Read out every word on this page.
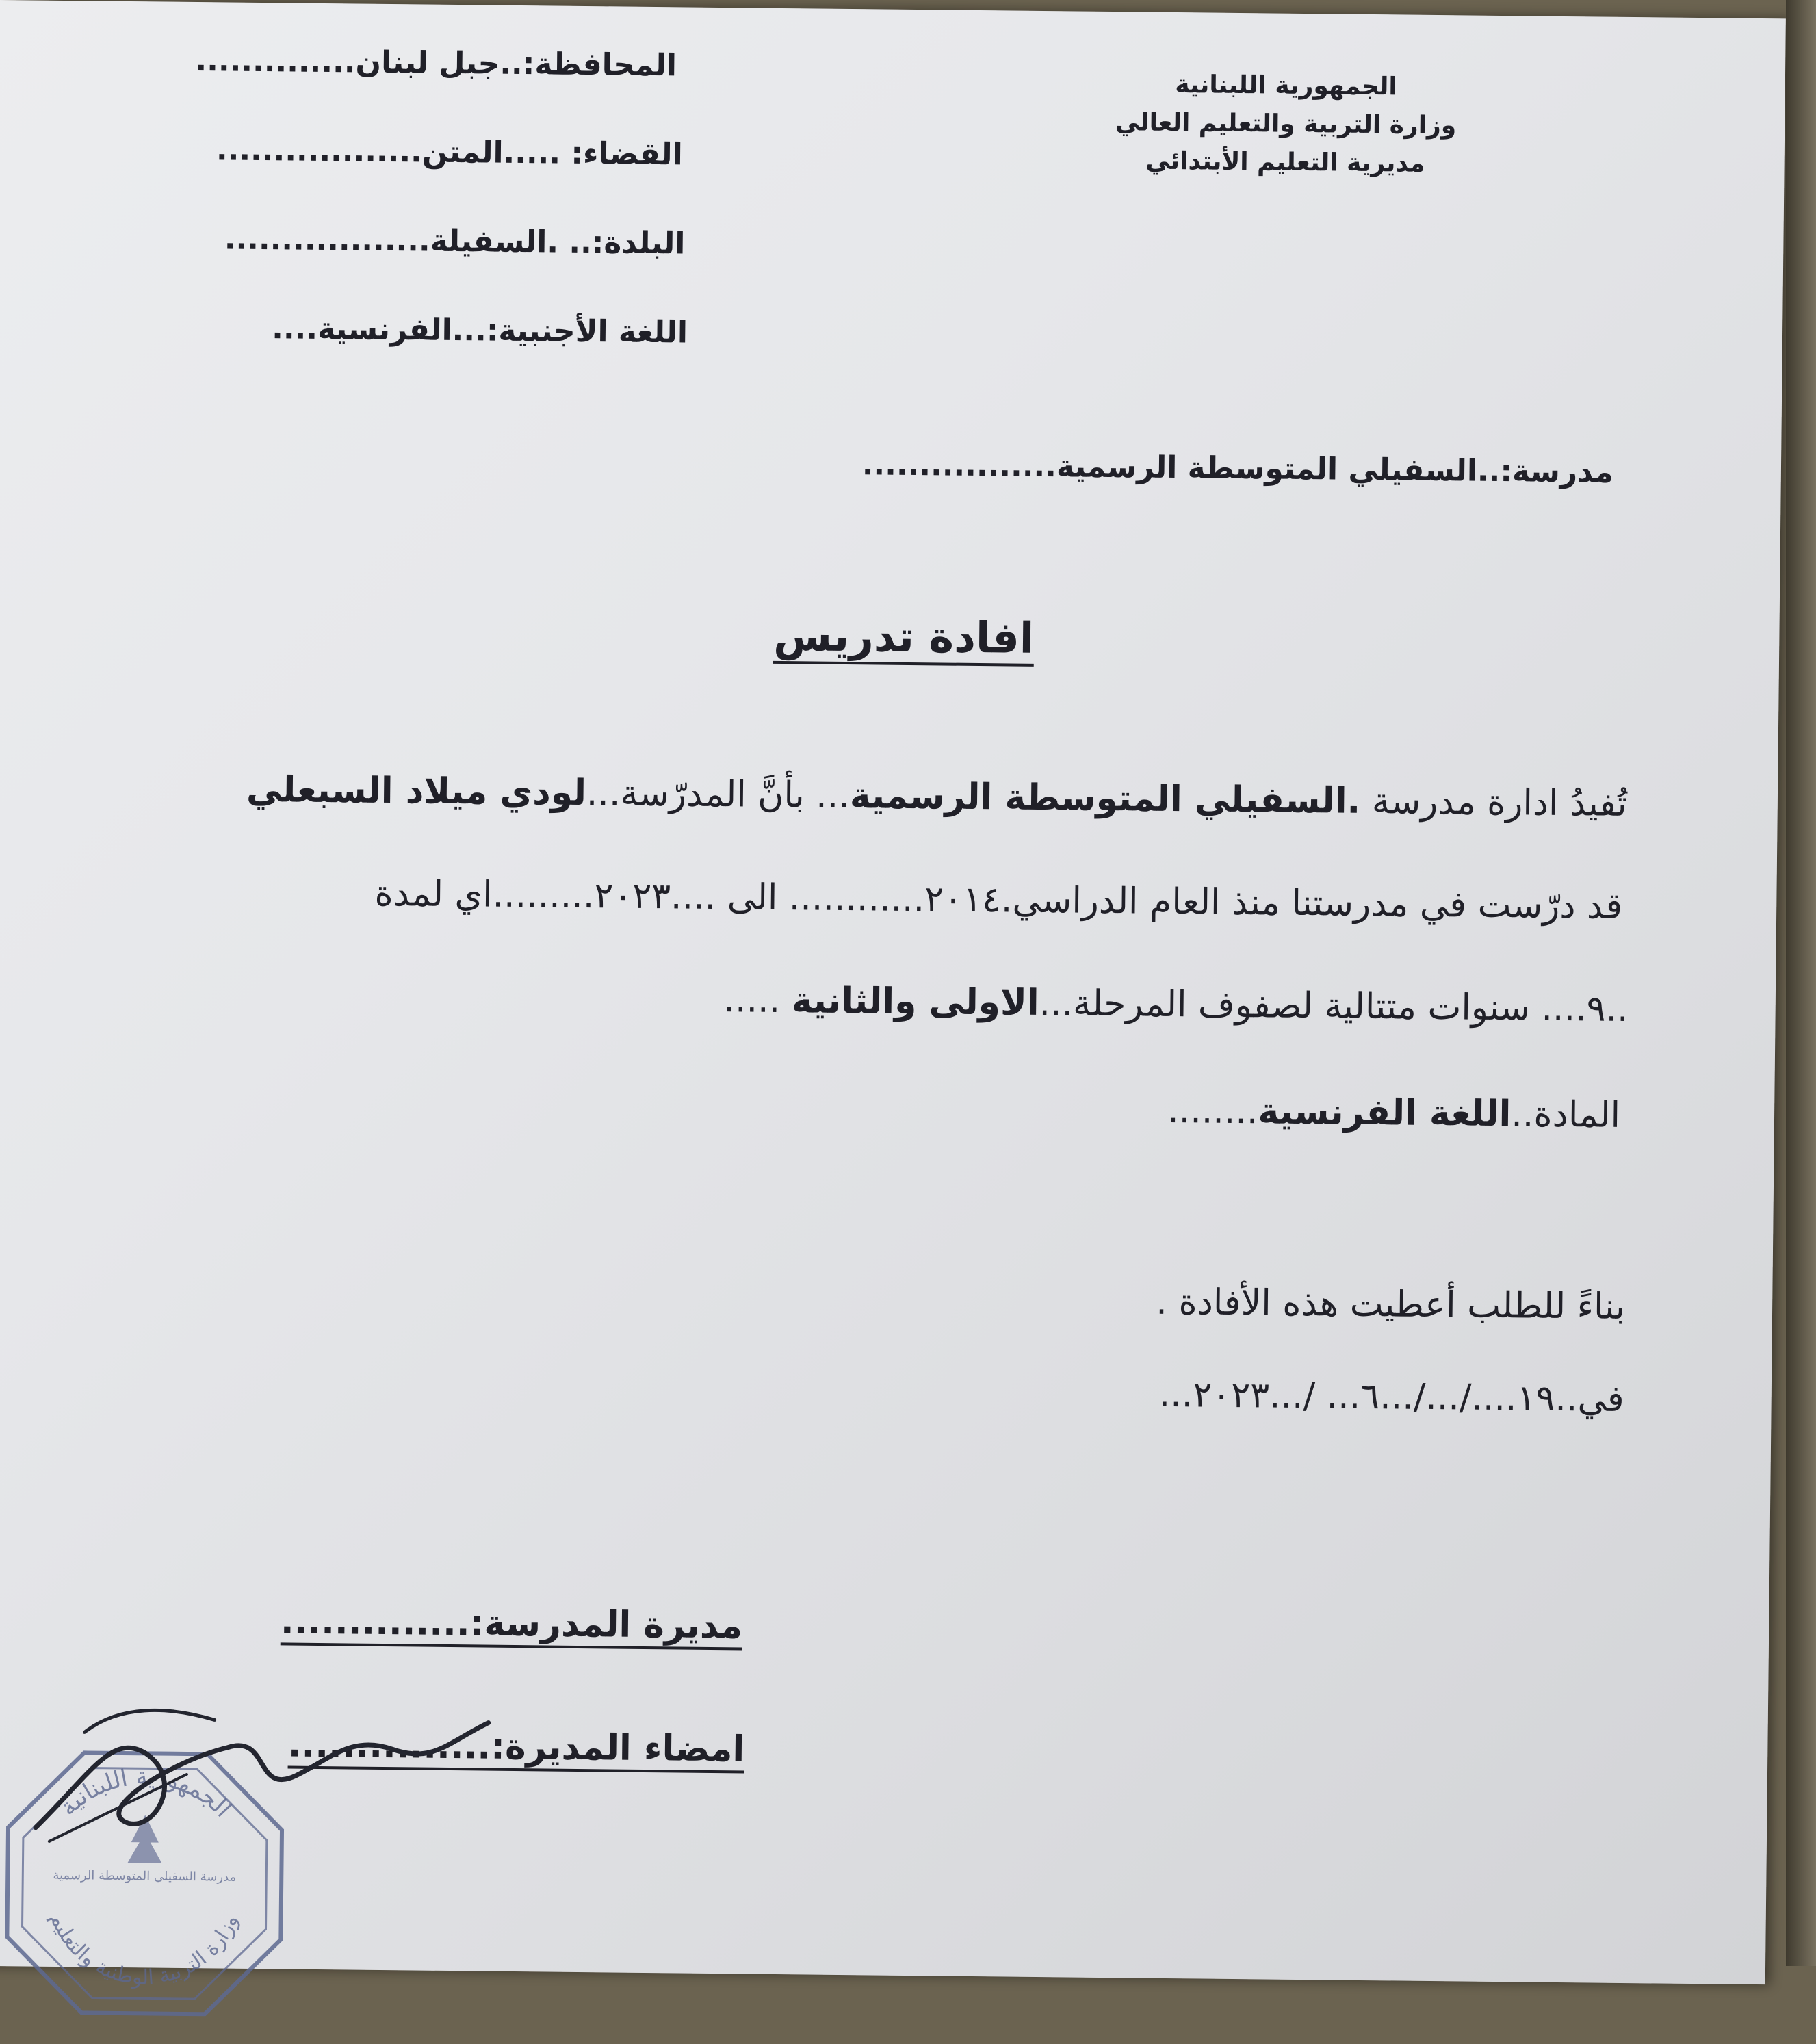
الجمهورية اللبنانية
وزارة التربية والتعليم العالي
مديرية التعليم الأبتدائي
المحافظة:..جبل لبنان..............
القضاء: .....المتن..................
البلدة:.. .السفيلة..................
اللغة الأجنبية:...الفرنسية....
مدرسة:..السفيلي المتوسطة الرسمية.................
افادة تدريس
تُفيدُ ادارة مدرسة .السفيلي المتوسطة الرسمية... بأنَّ المدرّسة...لودي ميلاد السبعلي
قد درّست في مدرستنا منذ العام الدراسي.٢٠١٤............ الى ....٢٠٢٣.........اي لمدة
..٩.... سنوات متتالية لصفوف المرحلة...الاولى والثانية .....
المادة..اللغة الفرنسية........
بناءً للطلب أعطيت هذه الأفادة .
في..١٩..../.../...٦... /...٢٠٢٣...
مديرة المدرسة:..............
امضاء المديرة:...............
الجمهورية اللبنانية
وزارة التربية الوطنية والتعليم
مدرسة السفيلي المتوسطة الرسمية
